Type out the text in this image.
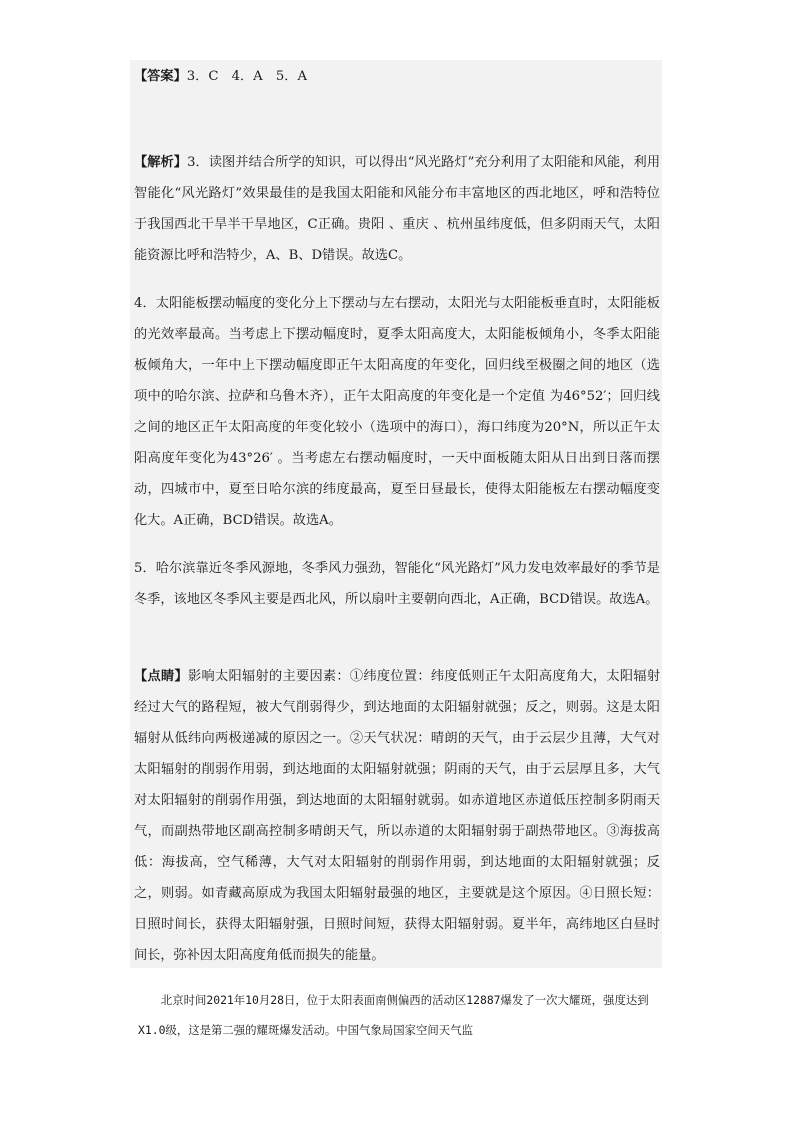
【答案】3．C　4．A　5．A

【解析】3．读图并结合所学的知识，可以得出“风光路灯”充分利用了太阳能和风能，利用智能化“风光路灯”效果最佳的是我国太阳能和风能分布丰富地区的西北地区，呼和浩特位于我国西北干旱半干旱地区，C正确。贵阳 、重庆 、杭州虽纬度低，但多阴雨天气，太阳能资源比呼和浩特少，A、B、D错误。故选C。

4．太阳能板摆动幅度的变化分上下摆动与左右摆动，太阳光与太阳能板垂直时，太阳能板的光效率最高。当考虑上下摆动幅度时，夏季太阳高度大，太阳能板倾角小，冬季太阳能板倾角大，一年中上下摆动幅度即正午太阳高度的年变化，回归线至极圈之间的地区（选项中的哈尔滨、拉萨和乌鲁木齐），正午太阳高度的年变化是一个定值 为46°52′；回归线之间的地区正午太阳高度的年变化较小（选项中的海口），海口纬度为20°N，所以正午太阳高度年变化为43°26′ 。当考虑左右摆动幅度时，一天中面板随太阳从日出到日落而摆动，四城市中，夏至日哈尔滨的纬度最高，夏至日昼最长，使得太阳能板左右摆动幅度变化大。A正确，BCD错误。故选A。

5．哈尔滨靠近冬季风源地，冬季风力强劲，智能化“风光路灯”风力发电效率最好的季节是冬季，该地区冬季风主要是西北风，所以扇叶主要朝向西北，A正确，BCD错误。故选A。

【点睛】影响太阳辐射的主要因素：①纬度位置：纬度低则正午太阳高度角大，太阳辐射经过大气的路程短，被大气削弱得少，到达地面的太阳辐射就强；反之，则弱。这是太阳辐射从低纬向两极递减的原因之一。②天气状况：晴朗的天气，由于云层少且薄，大气对太阳辐射的削弱作用弱，到达地面的太阳辐射就强；阴雨的天气，由于云层厚且多，大气对太阳辐射的削弱作用强，到达地面的太阳辐射就弱。如赤道地区赤道低压控制多阴雨天气，而副热带地区副高控制多晴朗天气，所以赤道的太阳辐射弱于副热带地区。③海拔高低：海拔高，空气稀薄，大气对太阳辐射的削弱作用弱，到达地面的太阳辐射就强；反之，则弱。如青藏高原成为我国太阳辐射最强的地区，主要就是这个原因。④日照长短：日照时间长，获得太阳辐射强，日照时间短，获得太阳辐射弱。夏半年，高纬地区白昼时间长，弥补因太阳高度角低而损失的能量。

北京时间2021年10月28日，位于太阳表面南侧偏西的活动区12887爆发了一次大耀斑，强度达到X1.0级，这是第二强的耀斑爆发活动。中国气象局国家空间天气监
